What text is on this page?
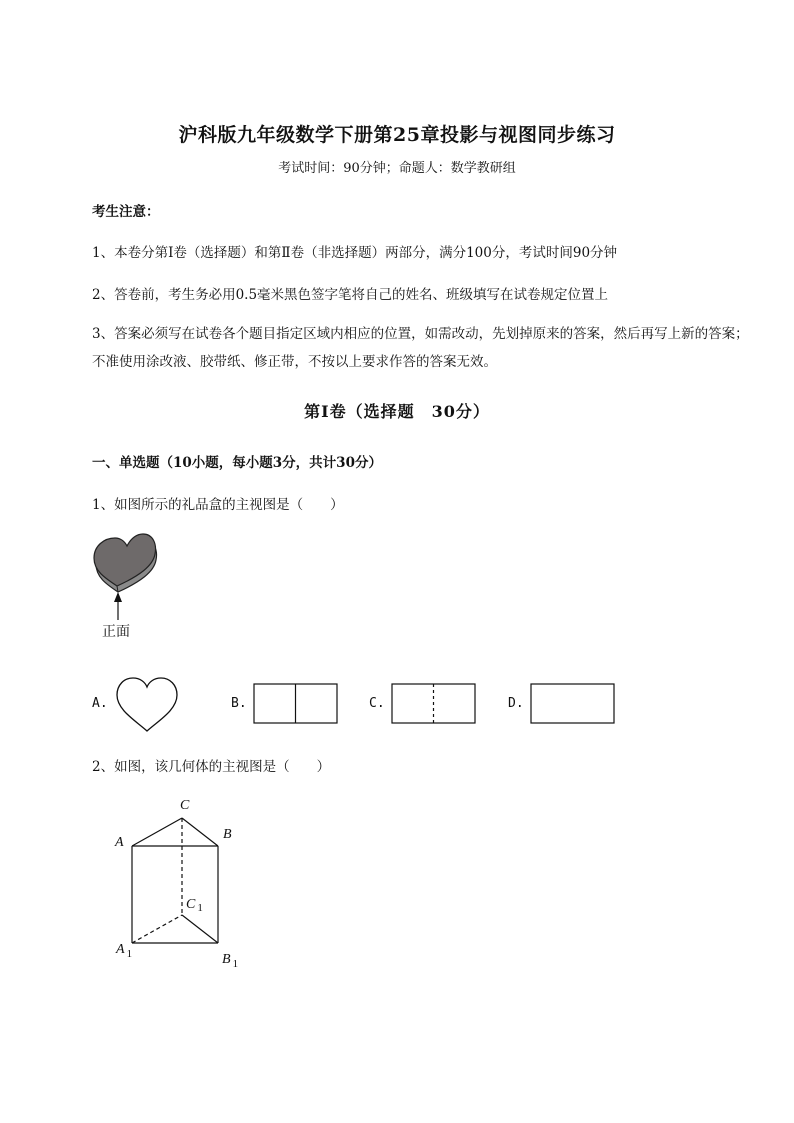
沪科版九年级数学下册第25章投影与视图同步练习
考试时间：90分钟；命题人：数学教研组
考生注意：
1、本卷分第I卷（选择题）和第Ⅱ卷（非选择题）两部分，满分100分，考试时间90分钟
2、答卷前，考生务必用0.5毫米黑色签字笔将自己的姓名、班级填写在试卷规定位置上
3、答案必须写在试卷各个题目指定区域内相应的位置，如需改动，先划掉原来的答案，然后再写上新的答案；不准使用涂改液、胶带纸、修正带，不按以上要求作答的答案无效。
第I卷（选择题　30分）
一、单选题（10小题，每小题3分，共计30分）
1、如图所示的礼品盒的主视图是（　　）
正面
A.	B.	C.	D.
2、如图，该几何体的主视图是（　　）
C
A
B
C $_1$
A $_1$	B $_1$
